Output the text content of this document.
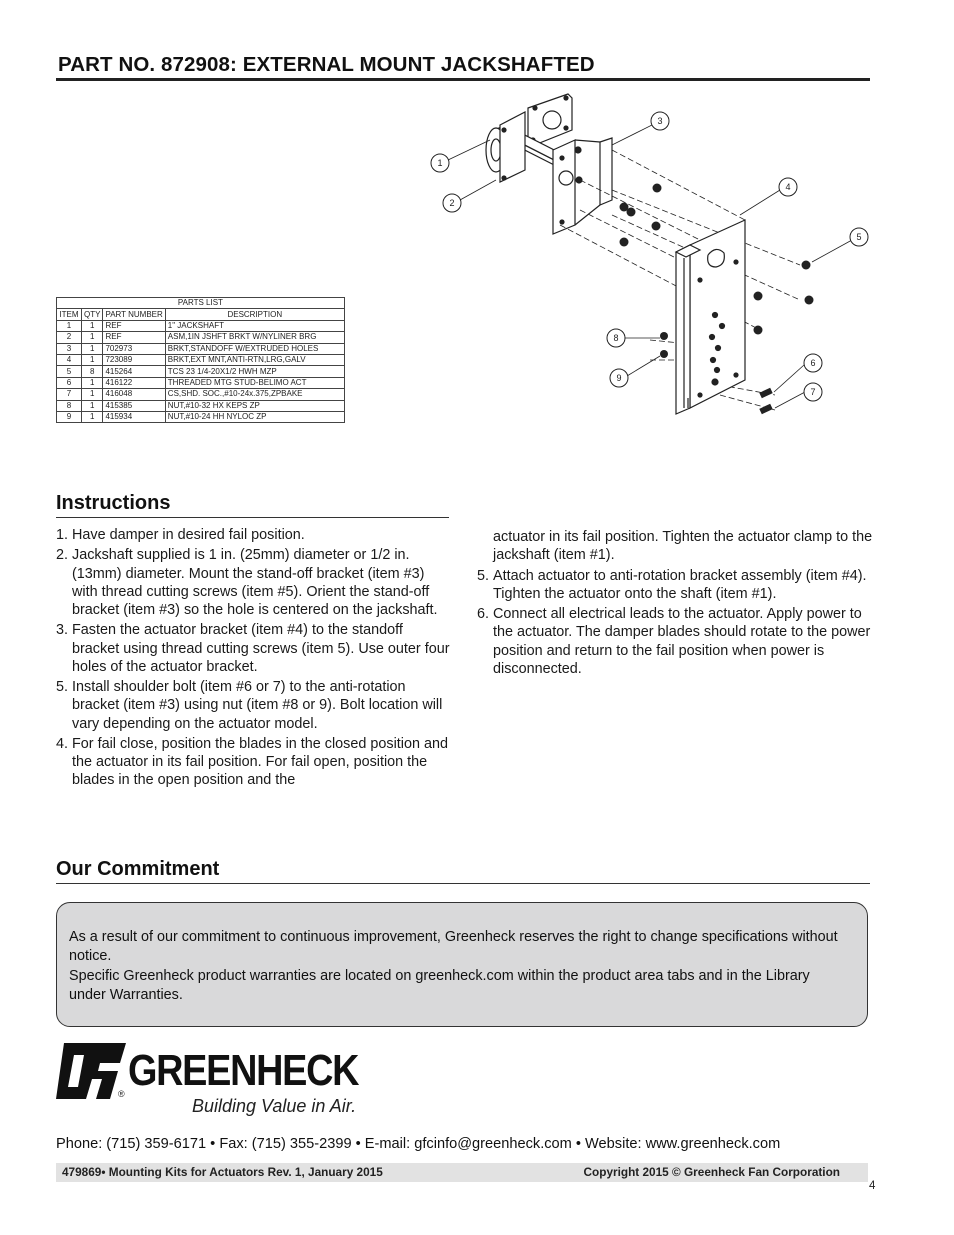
PART NO. 872908: EXTERNAL MOUNT JACKSHAFTED
1
2
3
4
5
6
7
8
9
PARTS LIST			
ITEM	QTY	PART NUMBER	DESCRIPTION
1	1	REF	1" JACKSHAFT
2	1	REF	ASM,1IN JSHFT BRKT W/NYLINER BRG
3	1	702973	BRKT,STANDOFF W/EXTRUDED HOLES
4	1	723089	BRKT,EXT MNT,ANTI-RTN,LRG,GALV
5	8	415264	TCS 23 1/4-20X1/2 HWH MZP
6	1	416122	THREADED MTG STUD-BELIMO ACT
7	1	416048	CS,SHD. SOC.,#10-24x.375,ZPBAKE
8	1	415385	NUT,#10-32 HX KEPS ZP
9	1	415934	NUT,#10-24 HH NYLOC ZP
Instructions
1. Have damper in desired fail position.
2. Jackshaft supplied is 1 in. (25mm) diameter or 1/2 in. (13mm) diameter. Mount the stand-off bracket (item #3) with thread cutting screws (item #5). Orient the stand-off bracket (item #3) so the hole is centered on the jackshaft.
3. Fasten the actuator bracket (item #4) to the standoff bracket using thread cutting screws (item 5). Use outer four holes of the actuator bracket.
5. Install shoulder bolt (item #6 or 7) to the anti-rotation bracket (item #3) using nut (item #8 or 9). Bolt location will vary depending on the actuator model.
4. For fail close, position the blades in the closed position and the actuator in its fail position. For fail open, position the blades in the open position and the
actuator in its fail position. Tighten the actuator clamp to the jackshaft (item #1).
5. Attach actuator to anti-rotation bracket assembly (item #4). Tighten the actuator onto the shaft (item #1).
6. Connect all electrical leads to the actuator. Apply power to the actuator. The damper blades should rotate to the power position and return to the fail position when power is disconnected.
Our Commitment

As a result of our commitment to continuous improvement, Greenheck reserves the right to change specifications without notice.

Specific Greenheck product warranties are located on greenheck.com within the product area tabs and in the Library under Warranties.

® GREENHECK
Building Value in Air.
Phone: (715) 359-6171 • Fax: (715) 355-2399 • E-mail: gfcinfo@greenheck.com • Website: www.greenheck.com
479869• Mounting Kits for Actuators Rev. 1, January 2015	Copyright 2015 © Greenheck Fan Corporation
4
